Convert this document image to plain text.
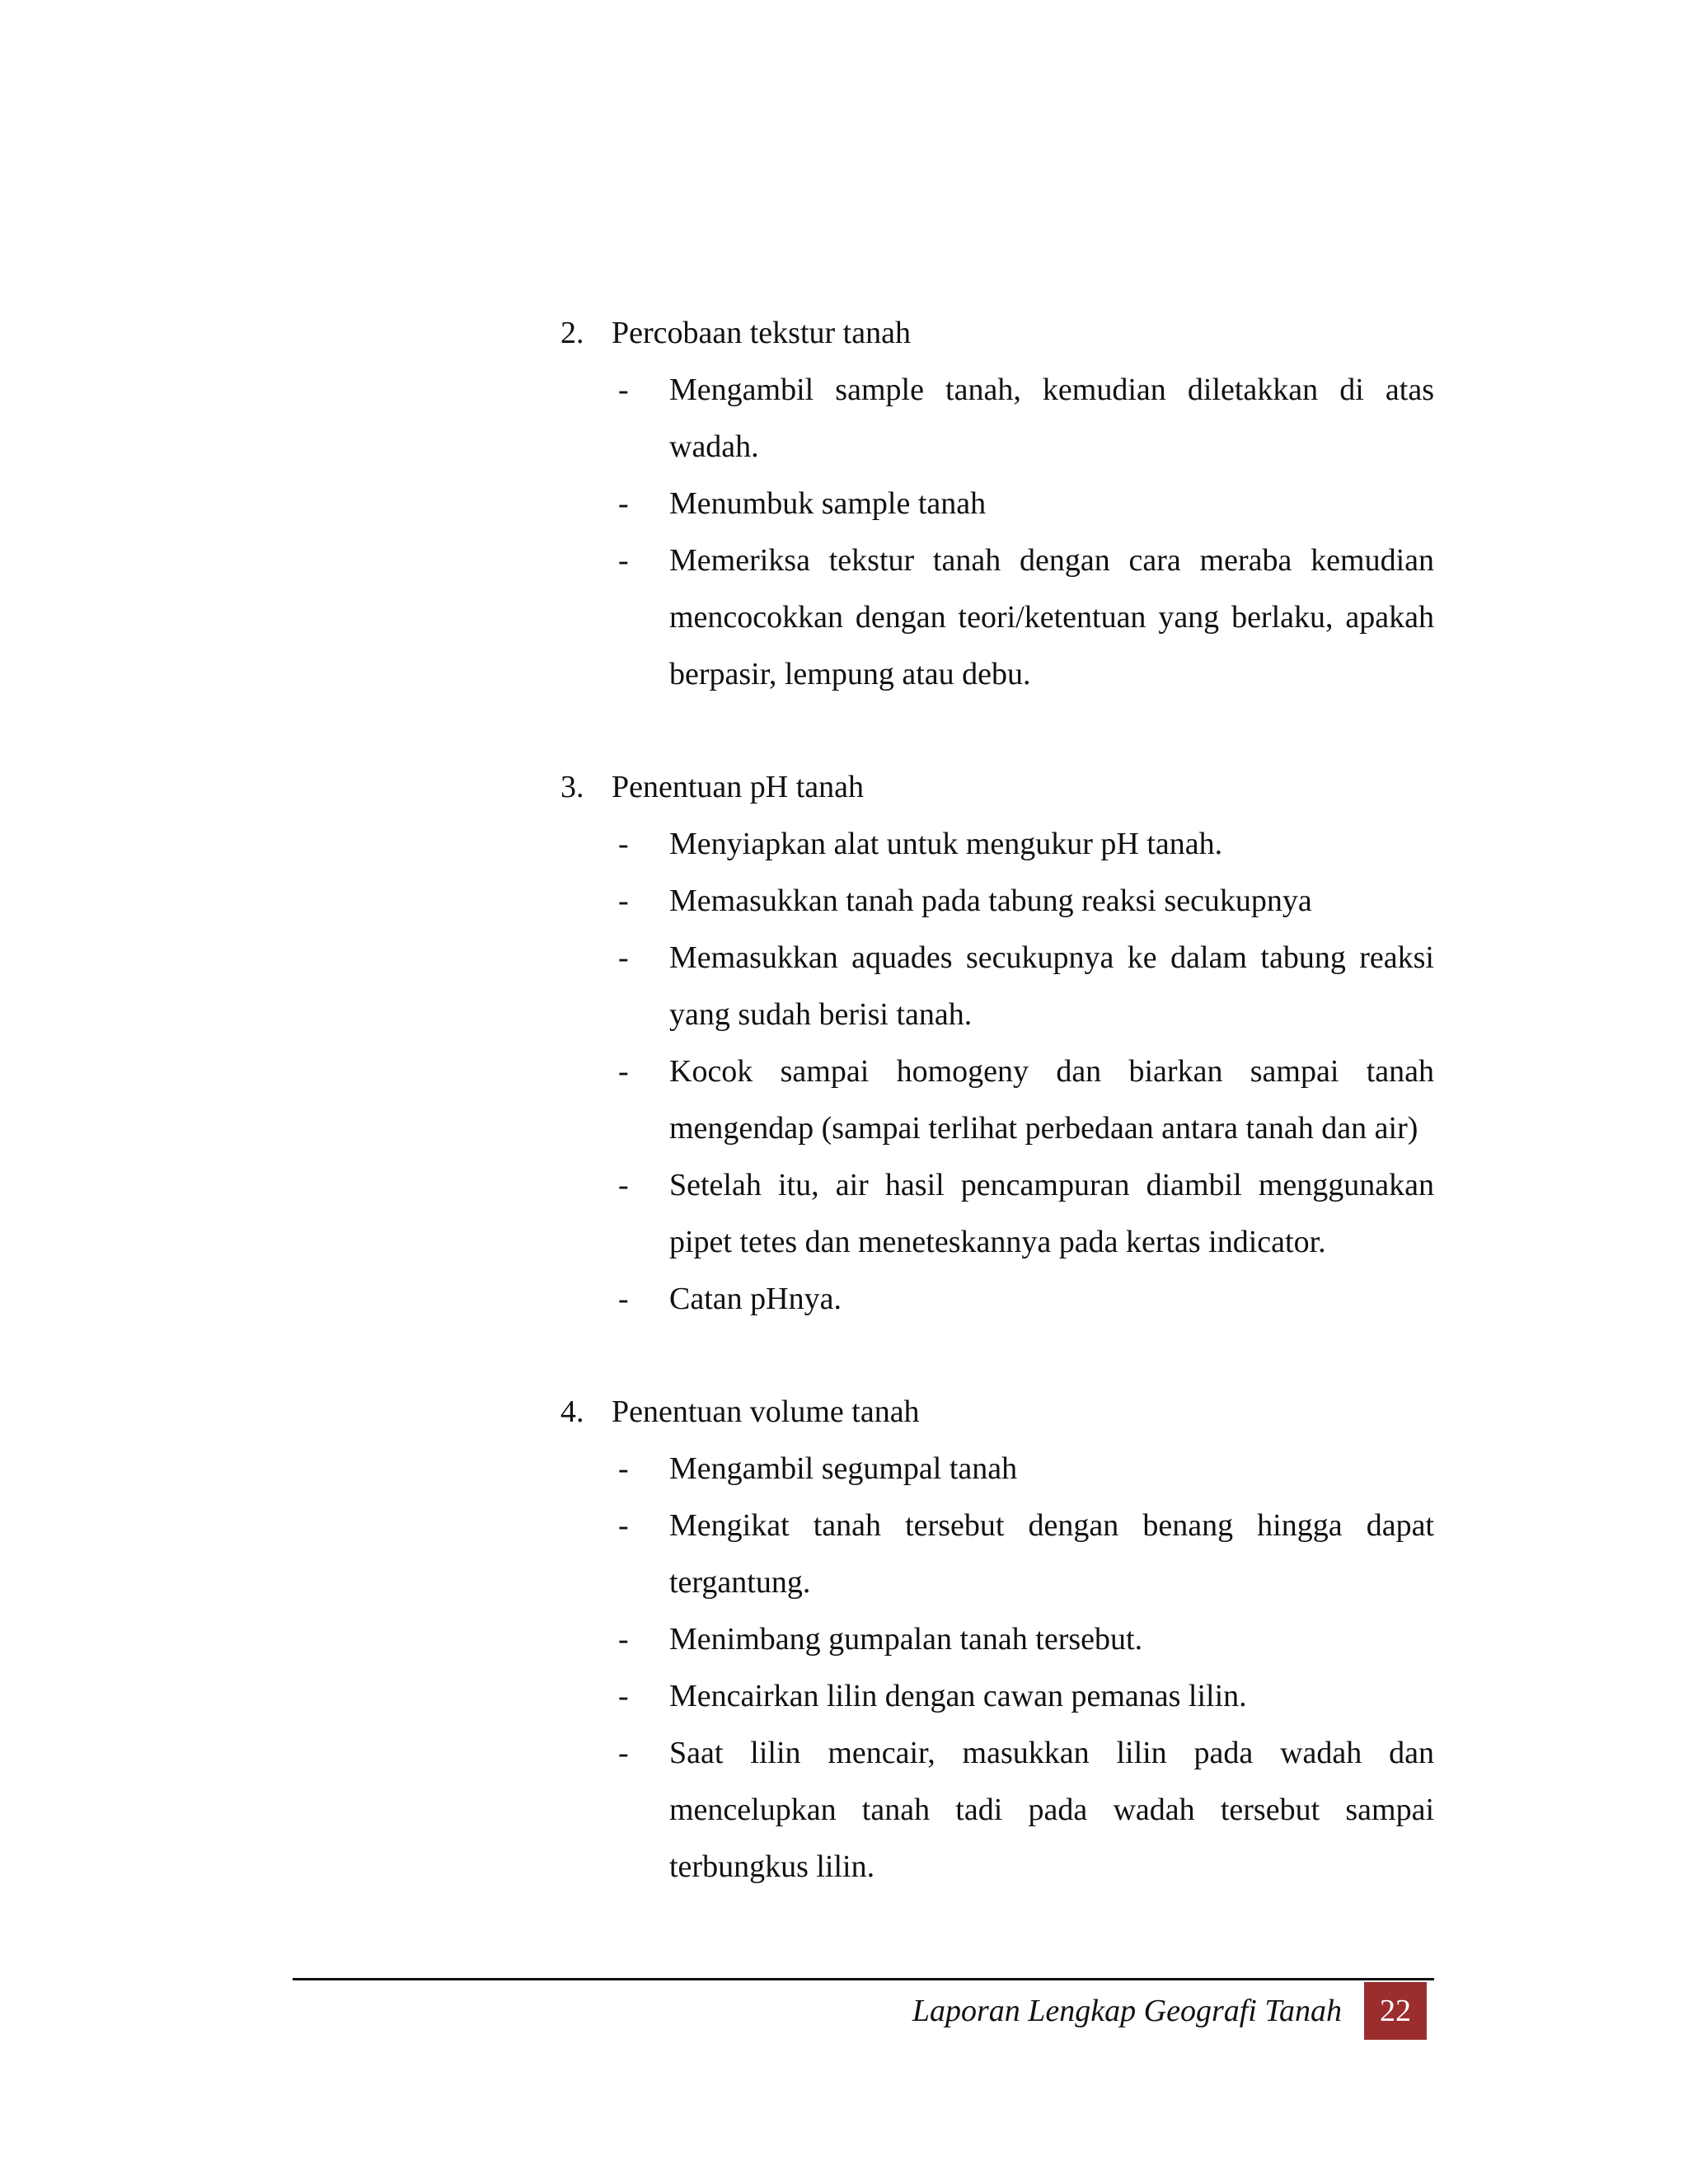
2. Percobaan tekstur tanah
-	Mengambil sample tanah, kemudian diletakkan di atas wadah.
-	Menumbuk sample tanah
-	Memeriksa tekstur tanah dengan cara meraba kemudian mencocokkan dengan teori/ketentuan yang berlaku, apakah berpasir, lempung atau debu.
3. Penentuan pH tanah
-	Menyiapkan alat untuk mengukur pH tanah.
-	Memasukkan tanah pada tabung reaksi secukupnya
-	Memasukkan aquades secukupnya ke dalam tabung reaksi yang sudah berisi tanah.
-	Kocok sampai homogeny dan biarkan sampai tanah mengendap (sampai terlihat perbedaan antara tanah dan air)
-	Setelah itu, air hasil pencampuran diambil menggunakan pipet tetes dan meneteskannya pada kertas indicator.
-	Catan pHnya.
4. Penentuan volume tanah
-	Mengambil segumpal tanah
-	Mengikat tanah tersebut dengan benang hingga dapat tergantung.
-	Menimbang gumpalan tanah tersebut.
-	Mencairkan lilin dengan cawan pemanas lilin.
-	Saat lilin mencair, masukkan lilin pada wadah dan mencelupkan tanah tadi pada wadah tersebut sampai terbungkus lilin.
Laporan Lengkap Geografi Tanah	22
